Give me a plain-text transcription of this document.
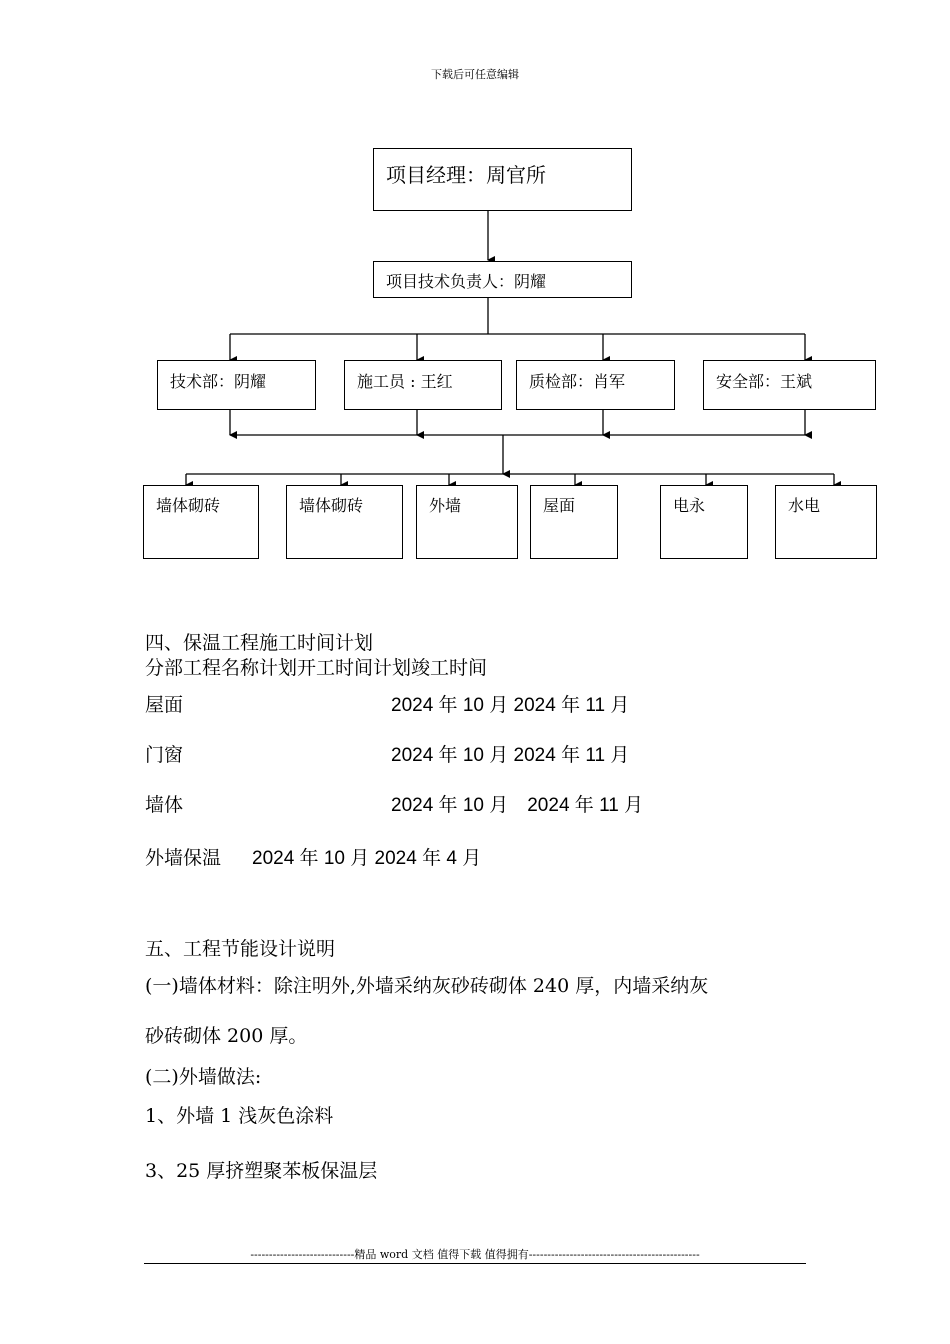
下载后可任意编辑
项目经理：周官所
项目技术负责人：阴耀
技术部：阴耀	施工员 : 王红	质检部：肖军	安全部：王斌
墙体砌砖	墙体砌砖	外墙	屋面	电永	水电
四、保温工程施工时间计划
分部工程名称计划开工时间计划竣工时间
屋面	2024 年 10 月 2024 年 11 月
门窗	2024 年 10 月 2024 年 11 月
墙体	2024 年 10 月　2024 年 11 月
外墙保温 2024 年 10 月 2024 年 4 月
五、工程节能设计说明
(一)墙体材料：除注明外,外墙采纳灰砂砖砌体 240 厚，内墙采纳灰
砂砖砌体 200 厚。
(二)外墙做法:
1、外墙 1 浅灰色涂料
3、25 厚挤塑聚苯板保温层
----------------------------精品 word 文档 值得下载 值得拥有----------------------------------------------
